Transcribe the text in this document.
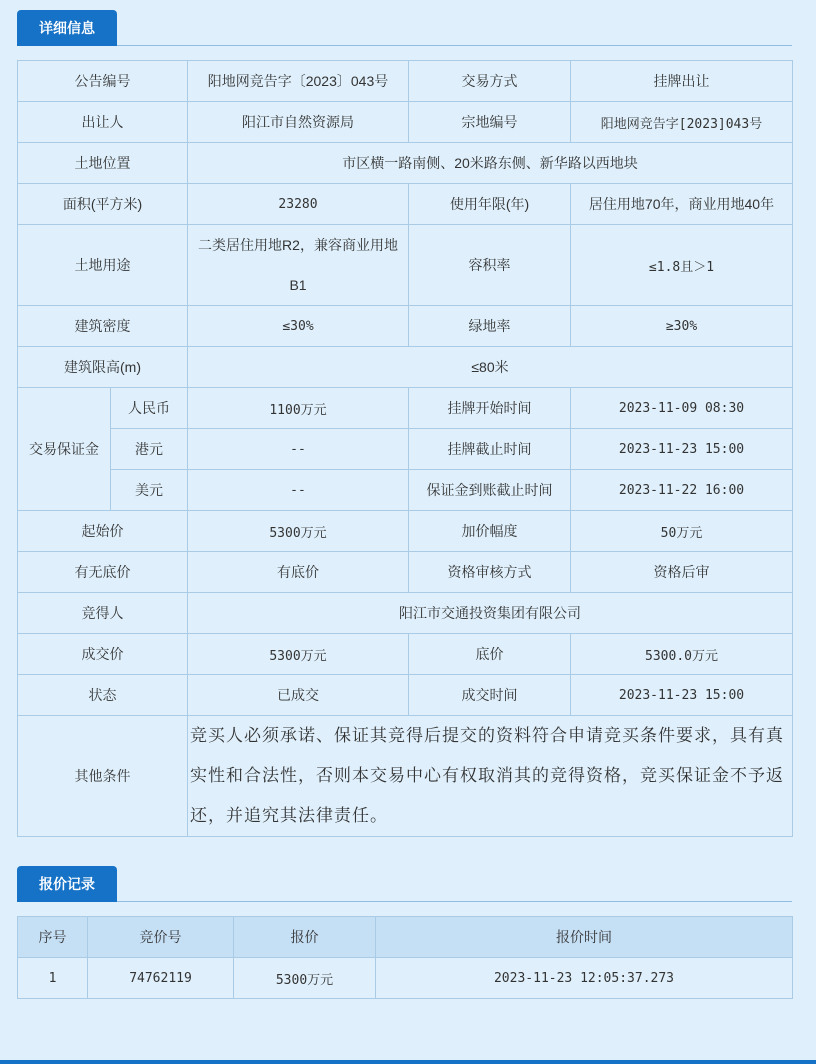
详细信息
公告编号		阳地网竞告字〔2023〕043号	交易方式	挂牌出让
出让人		阳江市自然资源局	宗地编号	阳地网竞告字[2023]043号
土地位置		市区横一路南侧、20米路东侧、新华路以西地块		
面积(平方米)		23280	使用年限(年)	居住用地70年，商业用地40年
土地用途		二类居住用地R2，兼容商业用地B1	容积率	≤1.8且＞1
建筑密度		≤30%	绿地率	≥30%
建筑限高(m)		≤80米		
交易保证金	人民币	1100万元	挂牌开始时间	2023-11-09 08:30
	港元	--	挂牌截止时间	2023-11-23 15:00
	美元	--	保证金到账截止时间	2023-11-22 16:00
起始价		5300万元	加价幅度	50万元
有无底价		有底价	资格审核方式	资格后审
竞得人		阳江市交通投资集团有限公司		
成交价		5300万元	底价	5300.0万元
状态		已成交	成交时间	2023-11-23 15:00
其他条件		竞买人必须承诺、保证其竞得后提交的资料符合申请竞买条件要求，具有真实性和合法性，否则本交易中心有权取消其的竞得资格，竞买保证金不予返还，并追究其法律责任。		
报价记录
序号	竞价号	报价	报价时间
1	74762119	5300万元	2023-11-23 12:05:37.273
